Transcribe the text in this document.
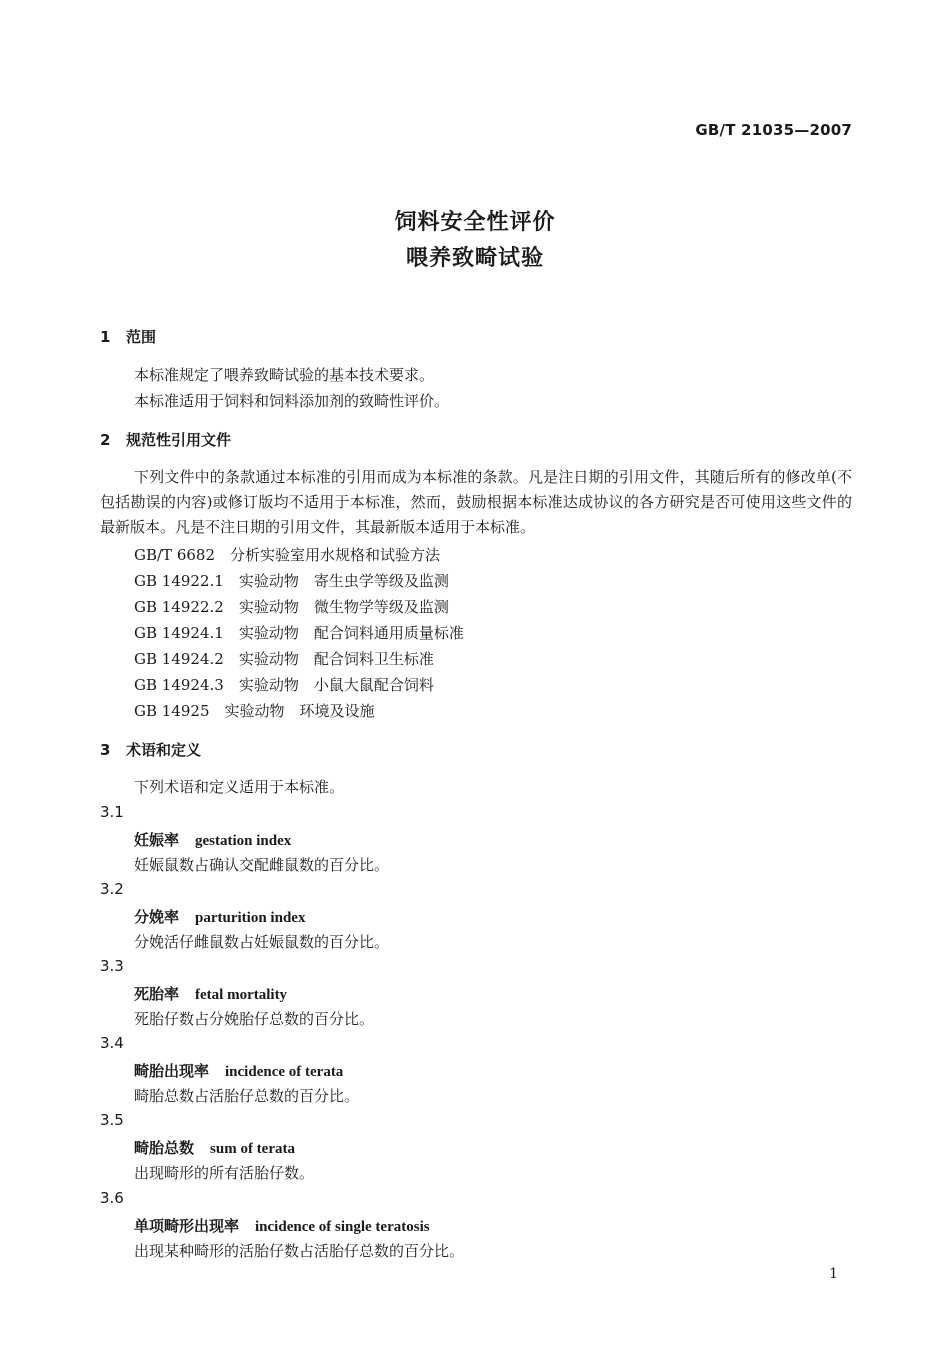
GB/T 21035—2007
饲料安全性评价
喂养致畸试验
1 范围
本标准规定了喂养致畸试验的基本技术要求。
本标准适用于饲料和饲料添加剂的致畸性评价。
2 规范性引用文件
下列文件中的条款通过本标准的引用而成为本标准的条款。凡是注日期的引用文件，其随后所有的修改单(不包括勘误的内容)或修订版均不适用于本标准，然而，鼓励根据本标准达成协议的各方研究是否可使用这些文件的最新版本。凡是不注日期的引用文件，其最新版本适用于本标准。
GB/T 6682　 分析实验室用水规格和试验方法
GB 14922.1　 实验动物　寄生虫学等级及监测
GB 14922.2　 实验动物　微生物学等级及监测
GB 14924.1　 实验动物　配合饲料通用质量标准
GB 14924.2　 实验动物　配合饲料卫生标准
GB 14924.3　 实验动物　小鼠大鼠配合饲料
GB 14925　 实验动物　环境及设施
3 术语和定义
下列术语和定义适用于本标准。
3.1
妊娠率 gestation index
妊娠鼠数占确认交配雌鼠数的百分比。
3.2
分娩率 parturition index
分娩活仔雌鼠数占妊娠鼠数的百分比。
3.3
死胎率 fetal mortality
死胎仔数占分娩胎仔总数的百分比。
3.4
畸胎出现率 incidence of terata
畸胎总数占活胎仔总数的百分比。
3.5
畸胎总数 sum of terata
出现畸形的所有活胎仔数。
3.6
单项畸形出现率 incidence of single teratosis
出现某种畸形的活胎仔数占活胎仔总数的百分比。
1
